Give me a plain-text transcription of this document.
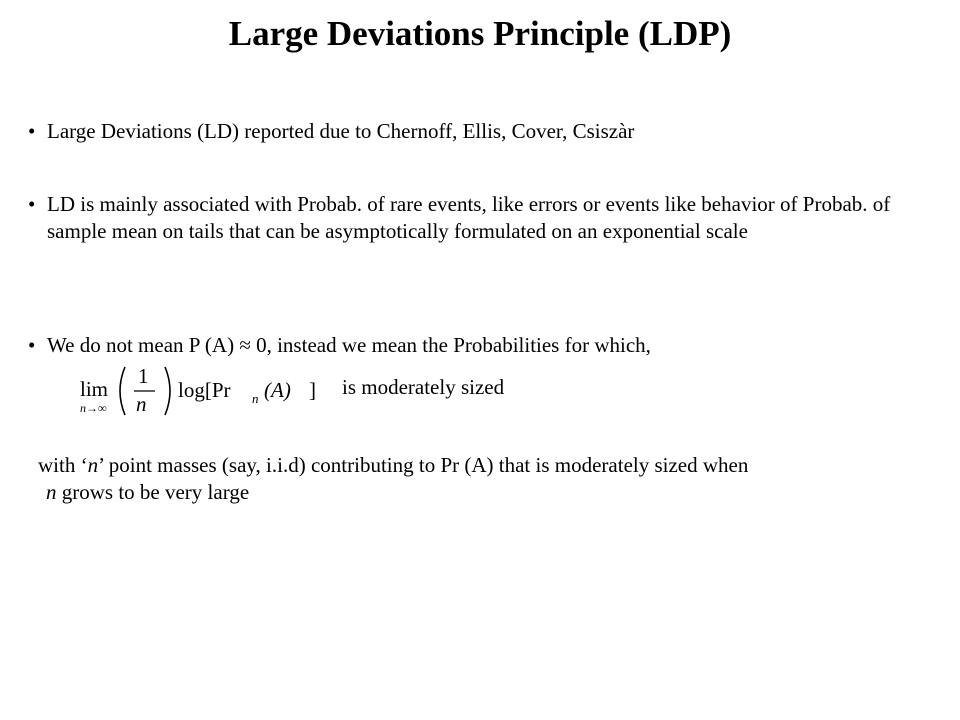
Large Deviations Principle (LDP)
• Large Deviations (LD) reported due to Chernoff, Ellis, Cover, Csiszàr
• LD is mainly associated with Probab. of rare events, like errors or events like behavior of Probab. of sample mean on tails that can be asymptotically formulated on an exponential scale
• We do not mean P (A) ≈ 0, instead we mean the Probabilities for which,
lim
n→∞
1
n
log[Pr n (A) ] is moderately sized
with ‘n’ point masses (say, i.i.d) contributing to Pr (A) that is moderately sized when
n grows to be very large
